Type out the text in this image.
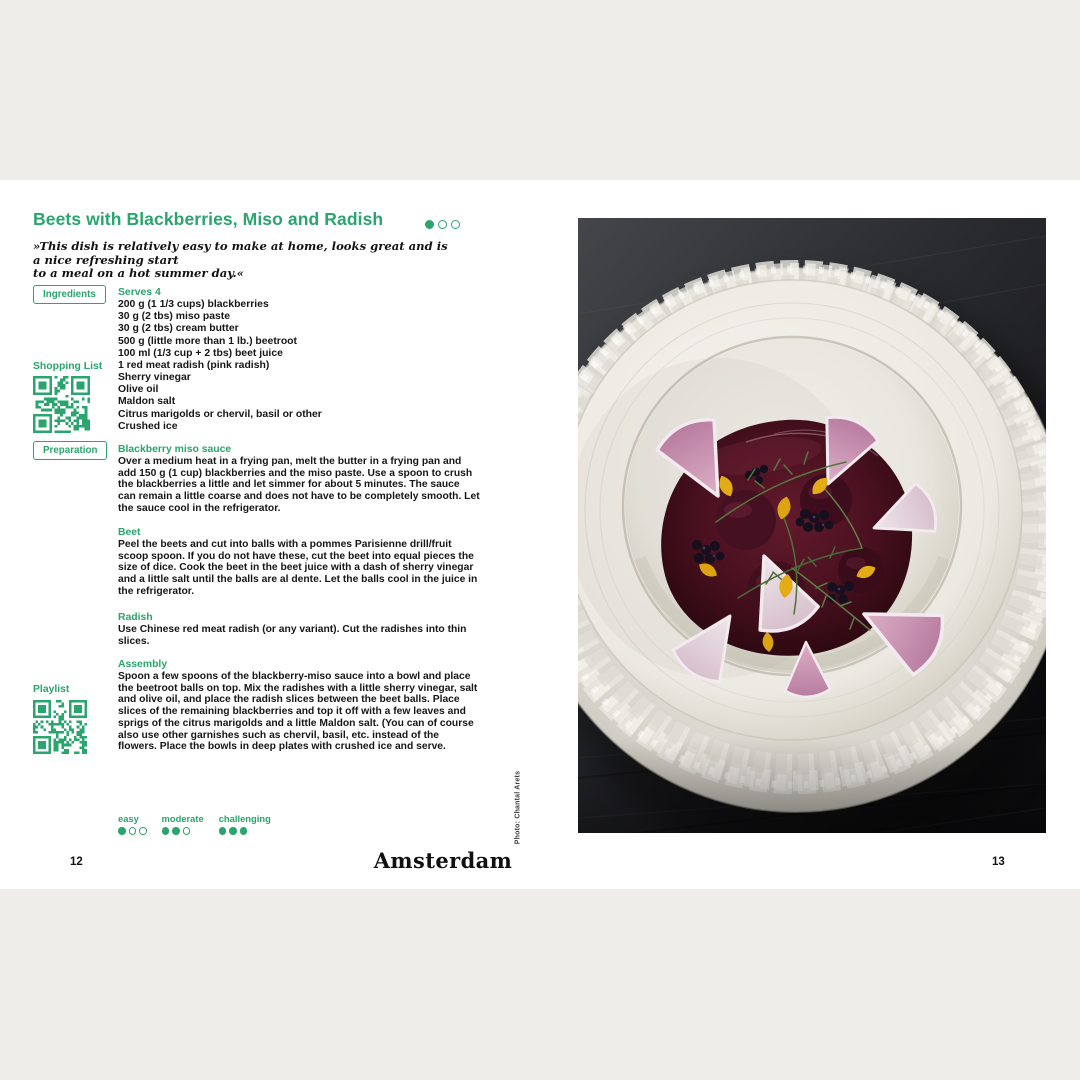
Beets with Blackberries, Miso and Radish

»This dish is relatively easy to make at home, looks great and is a nice refreshing start
to a meal on a hot summer day.«

Ingredients	Serves 4
200 g (1 1/3 cups) blackberries
30 g (2 tbs) miso paste
30 g (2 tbs) cream butter
500 g (little more than 1 lb.) beetroot
100 ml (1/3 cup + 2 tbs) beet juice
1 red meat radish (pink radish)
Sherry vinegar
Olive oil
Maldon salt
Citrus marigolds or chervil, basil or other
Crushed ice
Shopping List
Preparation	Blackberry miso sauce

Over a medium heat in a frying pan, melt the butter in a frying pan and add 150 g (1 cup) blackberries and the miso paste. Use a spoon to crush the blackberries a little and let simmer for about 5 minutes. The sauce can remain a little coarse and does not have to be completely smooth. Let the sauce cool in the refrigerator.

Beet

Peel the beets and cut into balls with a pommes Parisienne drill/fruit scoop spoon. If you do not have these, cut the beet into equal pieces the size of dice. Cook the beet in the beet juice with a dash of sherry vinegar and a little salt until the balls are al dente. Let the balls cool in the juice in the refrigerator.

Radish

Use Chinese red meat radish (or any variant). Cut the radishes into thin slices.

Assembly

Spoon a few spoons of the blackberry-miso sauce into a bowl and place the beetroot balls on top. Mix the radishes with a little sherry vinegar, salt and olive oil, and place the radish slices between the beet balls. Place slices of the remaining blackberries and top it off with a few leaves and sprigs of the citrus marigolds and a little Maldon salt. (You can of course also use other garnishes such as chervil, basil, etc. instead of the flowers. Place the bowls in deep plates with crushed ice and serve.

Playlist
easy	moderate challenging
12	Amsterdam	13
Photo: Chantal Arets
